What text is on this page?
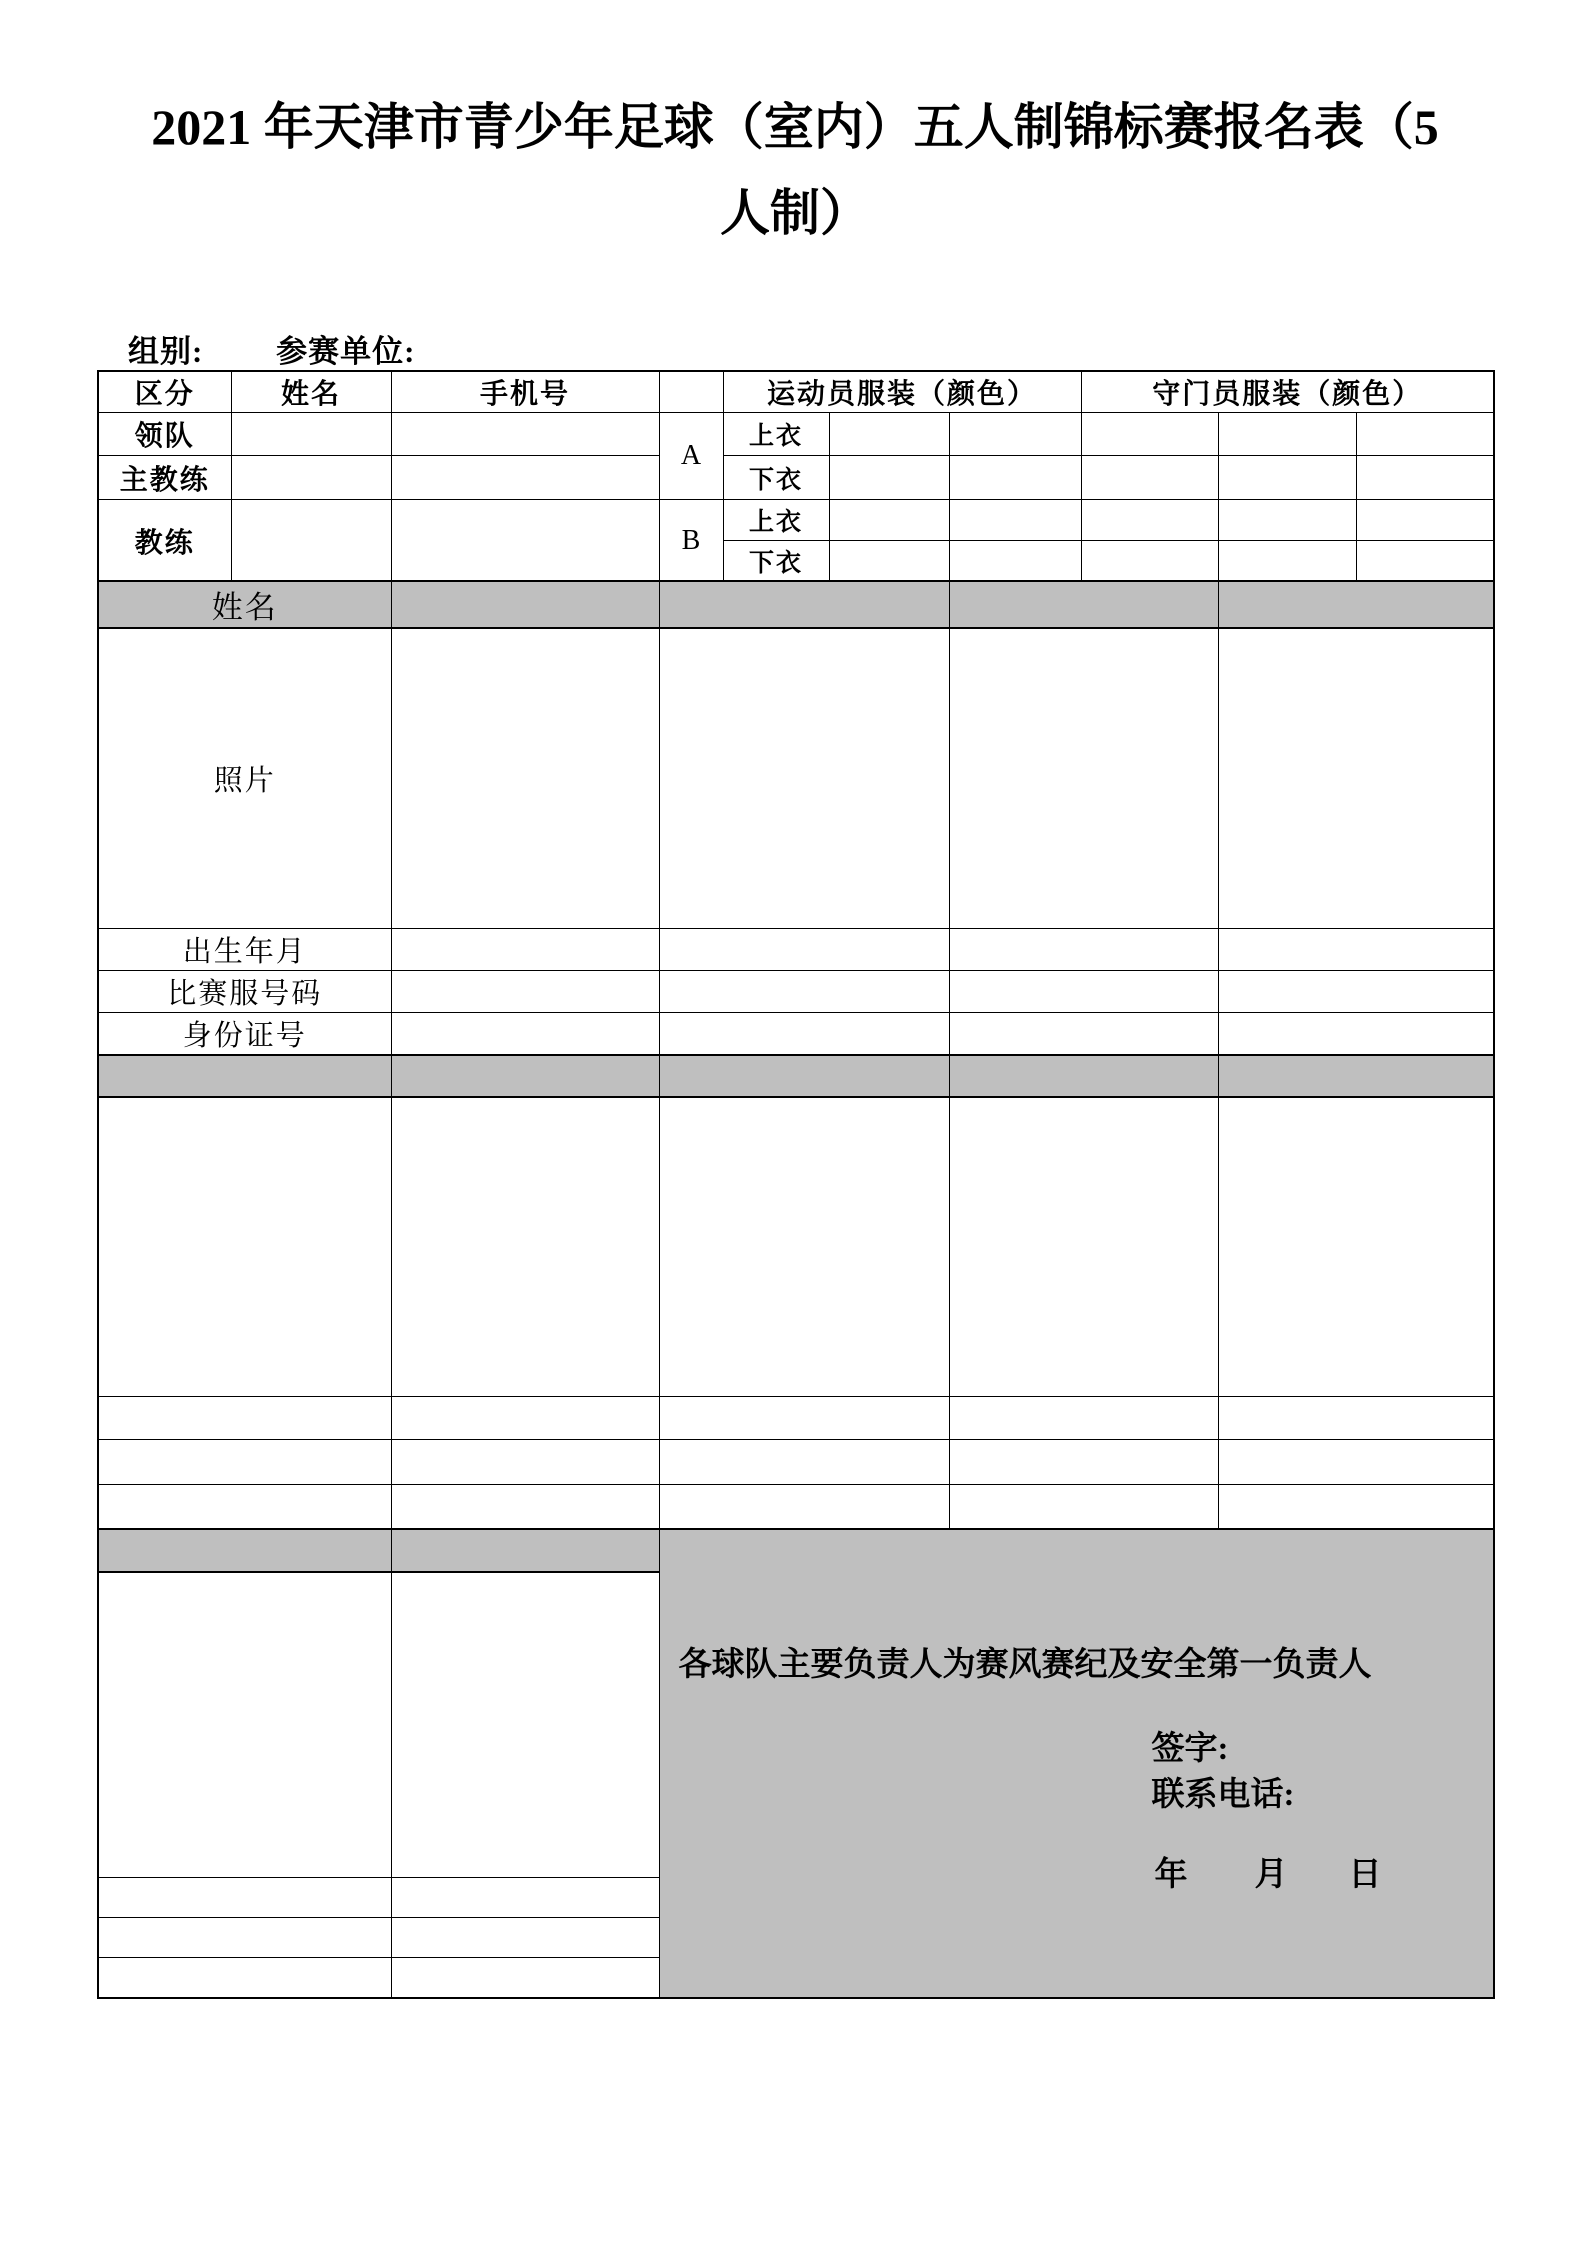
2021 年天津市青少年足球（室内）五人制锦标赛报名表（5
人制）
组别: 参赛单位:
区分	姓名	手机号		运动员服装（颜色）			守门员服装（颜色）		
领队			A	上衣					
主教练				下衣					
教练			B	上衣					
				下衣					
姓名				
照片				
出生年月				
比赛服号码				
身份证号				

各球队主要负责人为赛风赛纪及安全第一负责人
签字:
联系电话:
年 月 日
